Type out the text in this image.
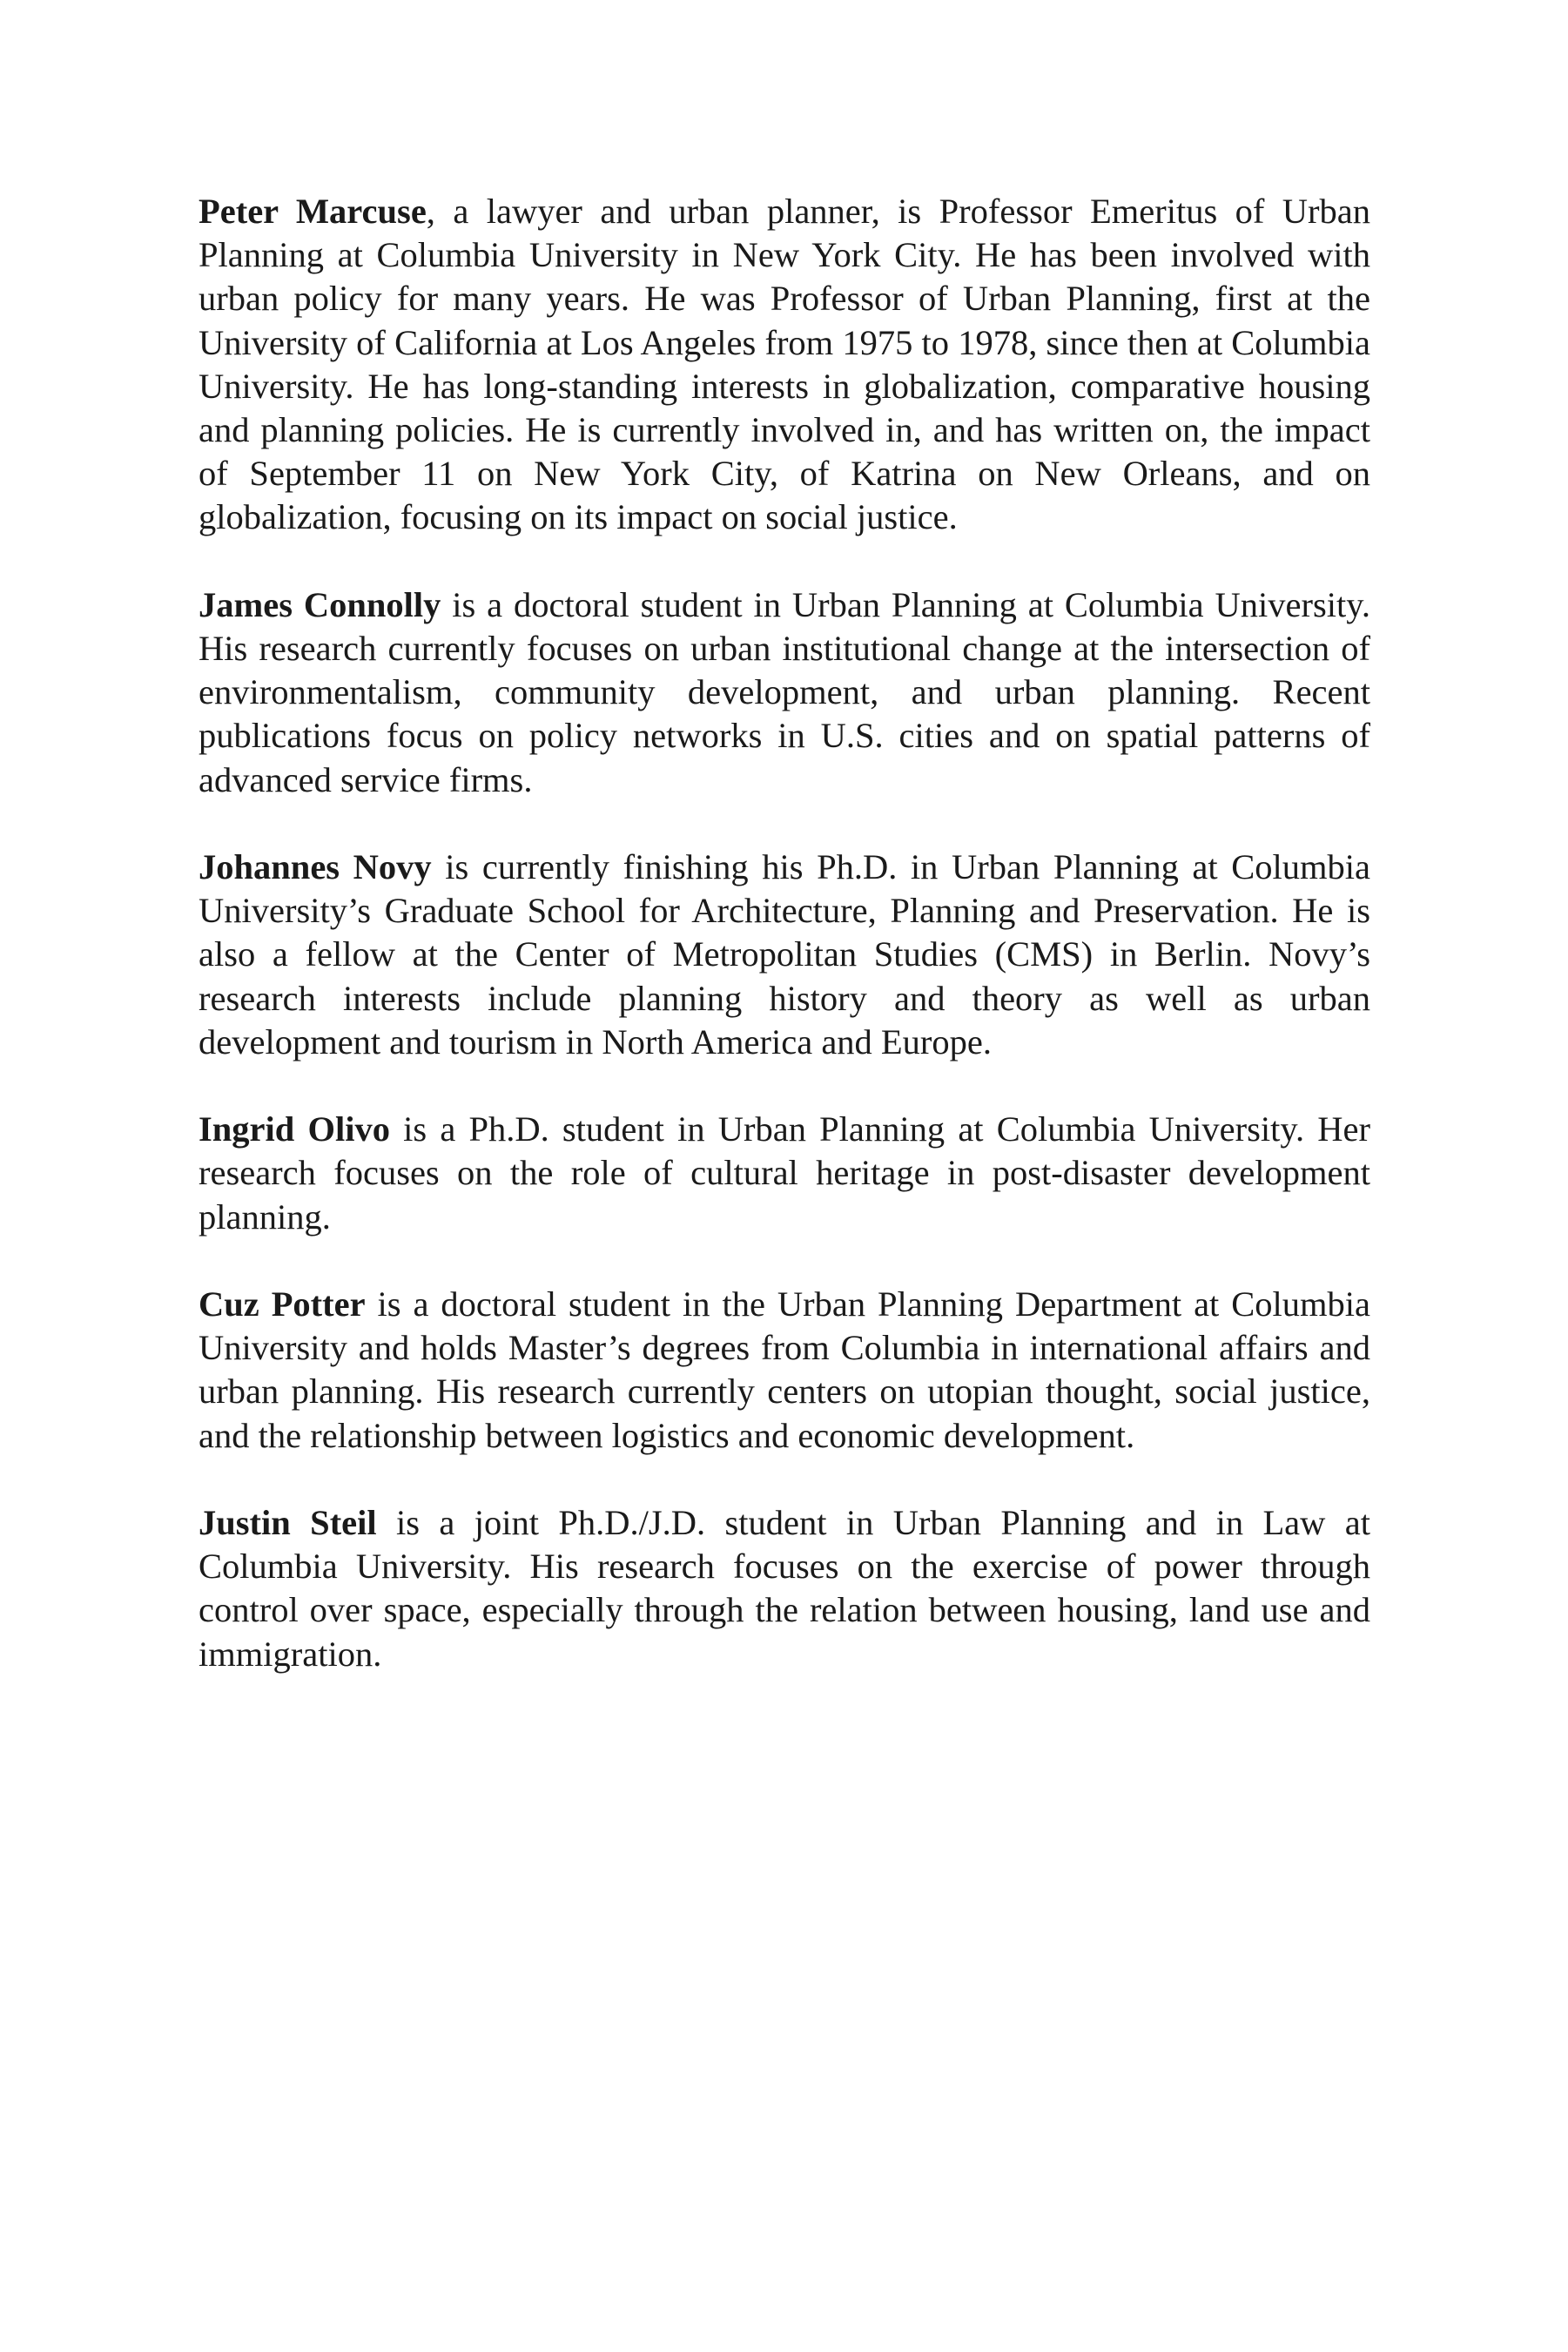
Peter Marcuse, a lawyer and urban planner, is Professor Emeritus of Urban Planning at Columbia University in New York City. He has been involved with urban policy for many years. He was Professor of Urban Planning, first at the University of California at Los Angeles from 1975 to 1978, since then at Columbia University. He has long-standing interests in globalization, comparative housing and planning policies. He is currently involved in, and has written on, the impact of September 11 on New York City, of Katrina on New Orleans, and on globalization, focusing on its impact on social justice.

James Connolly is a doctoral student in Urban Planning at Columbia University. His research currently focuses on urban institutional change at the intersection of environmentalism, community development, and urban planning. Recent publications focus on policy networks in U.S. cities and on spatial patterns of advanced service firms.

Johannes Novy is currently finishing his Ph.D. in Urban Planning at Columbia University’s Graduate School for Architecture, Planning and Preservation. He is also a fellow at the Center of Metropolitan Studies (CMS) in Berlin. Novy’s research interests include planning history and theory as well as urban development and tourism in North America and Europe.

Ingrid Olivo is a Ph.D. student in Urban Planning at Columbia University. Her research focuses on the role of cultural heritage in post-disaster development planning.

Cuz Potter is a doctoral student in the Urban Planning Department at Columbia University and holds Master’s degrees from Columbia in international affairs and urban planning. His research currently centers on utopian thought, social justice, and the relationship between logistics and economic development.

Justin Steil is a joint Ph.D./J.D. student in Urban Planning and in Law at Columbia University. His research focuses on the exercise of power through control over space, especially through the relation between housing, land use and immigration.
